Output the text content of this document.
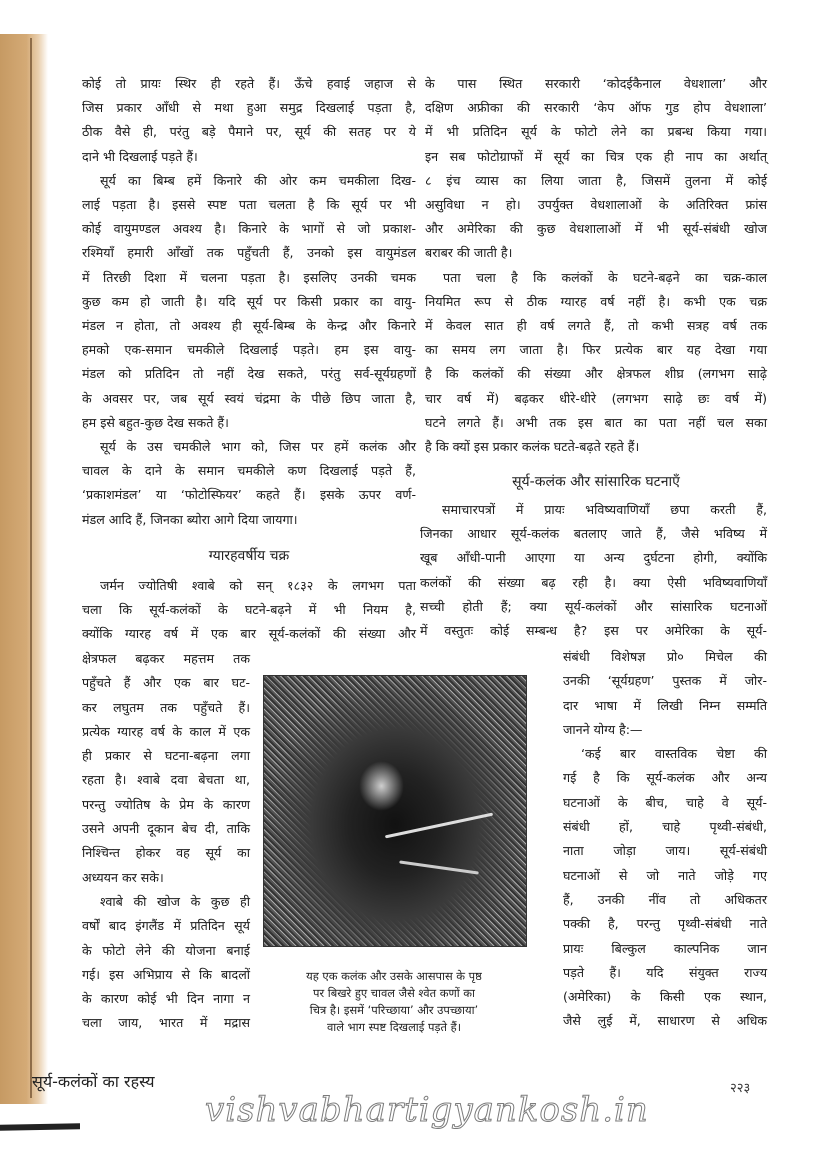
कोई तो प्रायः स्थिर ही रहते हैं। ऊँचे हवाई जहाज से
जिस प्रकार आँधी से मथा हुआ समुद्र दिखलाई पड़ता है,
ठीक वैसे ही, परंतु बड़े पैमाने पर, सूर्य की सतह पर ये
दाने भी दिखलाई पड़ते हैं।
सूर्य का बिम्ब हमें किनारे की ओर कम चमकीला दिख-
लाई पड़ता है। इससे स्पष्ट पता चलता है कि सूर्य पर भी
कोई वायुमण्डल अवश्य है। किनारे के भागों से जो प्रकाश-
रश्मियाँ हमारी आँखों तक पहुँचती हैं, उनको इस वायुमंडल
में तिरछी दिशा में चलना पड़ता है। इसलिए उनकी चमक
कुछ कम हो जाती है। यदि सूर्य पर किसी प्रकार का वायु-
मंडल न होता, तो अवश्य ही सूर्य-बिम्ब के केन्द्र और किनारे
हमको एक-समान चमकीले दिखलाई पड़ते। हम इस वायु-
मंडल को प्रतिदिन तो नहीं देख सकते, परंतु सर्व-सूर्यग्रहणों
के अवसर पर, जब सूर्य स्वयं चंद्रमा के पीछे छिप जाता है,
हम इसे बहुत-कुछ देख सकते हैं।
सूर्य के उस चमकीले भाग को, जिस पर हमें कलंक और
चावल के दाने के समान चमकीले कण दिखलाई पड़ते हैं,
‘प्रकाशमंडल’ या ‘फोटोस्फियर’ कहते हैं। इसके ऊपर वर्ण-
मंडल आदि हैं, जिनका ब्योरा आगे दिया जायगा।
ग्यारहवर्षीय चक्र
जर्मन ज्योतिषी श्वाबे को सन् १८३२ के लगभग पता
चला कि सूर्य-कलंकों के घटने-बढ़ने में भी नियम है,
क्योंकि ग्यारह वर्ष में एक बार सूर्य-कलंकों की संख्या और
क्षेत्रफल बढ़कर महत्तम तक
पहुँचते हैं और एक बार घट-
कर लघुतम तक पहुँचते हैं।
प्रत्येक ग्यारह वर्ष के काल में एक
ही प्रकार से घटना-बढ़ना लगा
रहता है। श्वाबे दवा बेचता था,
परन्तु ज्योतिष के प्रेम के कारण
उसने अपनी दूकान बेच दी, ताकि
निश्चिन्त होकर वह सूर्य का
अध्ययन कर सके।
श्वाबे की खोज के कुछ ही
वर्षों बाद इंगलैंड में प्रतिदिन सूर्य
के फोटो लेने की योजना बनाई
गई। इस अभिप्राय से कि बादलों
के कारण कोई भी दिन नागा न
चला जाय, भारत में मद्रास
यह एक कलंक और उसके आसपास के पृष्ठ
पर बिखरे हुए चावल जैसे श्वेत कणों का
चित्र है। इसमें ‘परिच्छाया’ और उपच्छाया’
वाले भाग स्पष्ट दिखलाई पड़ते हैं।
के पास स्थित सरकारी ‘कोदईकैनाल वेधशाला’ और
दक्षिण अफ्रीका की सरकारी ‘केप ऑफ गुड होप वेधशाला’
में भी प्रतिदिन सूर्य के फोटो लेने का प्रबन्ध किया गया।
इन सब फोटोग्राफों में सूर्य का चित्र एक ही नाप का अर्थात्
८ इंच व्यास का लिया जाता है, जिसमें तुलना में कोई
असुविधा न हो। उपर्युक्त वेधशालाओं के अतिरिक्त फ्रांस
और अमेरिका की कुछ वेधशालाओं में भी सूर्य-संबंधी खोज
बराबर की जाती है।
पता चला है कि कलंकों के घटने-बढ़ने का चक्र-काल
नियमित रूप से ठीक ग्यारह वर्ष नहीं है। कभी एक चक्र
में केवल सात ही वर्ष लगते हैं, तो कभी सत्रह वर्ष तक
का समय लग जाता है। फिर प्रत्येक बार यह देखा गया
है कि कलंकों की संख्या और क्षेत्रफल शीघ्र (लगभग साढ़े
चार वर्ष में) बढ़कर धीरे-धीरे (लगभग साढ़े छः वर्ष में)
घटने लगते हैं। अभी तक इस बात का पता नहीं चल सका
है कि क्यों इस प्रकार कलंक घटते-बढ़ते रहते हैं।
सूर्य-कलंक और सांसारिक घटनाएँ
समाचारपत्रों में प्रायः भविष्यवाणियाँ छपा करती हैं,
जिनका आधार सूर्य-कलंक बतलाए जाते हैं, जैसे भविष्य में
खूब आँधी-पानी आएगा या अन्य दुर्घटना होगी, क्योंकि
कलंकों की संख्या बढ़ रही है। क्या ऐसी भविष्यवाणियाँ
सच्ची होती हैं; क्या सूर्य-कलंकों और सांसारिक घटनाओं
में वस्तुतः कोई सम्बन्ध है? इस पर अमेरिका के सूर्य-
संबंधी विशेषज्ञ प्रो० मिचेल की
उनकी ‘सूर्यग्रहण’ पुस्तक में जोर-
दार भाषा में लिखी निम्न सम्मति
जानने योग्य है:—
‘कई बार वास्तविक चेष्टा की
गई है कि सूर्य-कलंक और अन्य
घटनाओं के बीच, चाहे वे सूर्य-
संबंधी हों, चाहे पृथ्वी-संबंधी,
नाता जोड़ा जाय। सूर्य-संबंधी
घटनाओं से जो नाते जोड़े गए
हैं, उनकी नींव तो अधिकतर
पक्की है, परन्तु पृथ्वी-संबंधी नाते
प्रायः बिल्कुल काल्पनिक जान
पड़ते हैं। यदि संयुक्त राज्य
(अमेरिका) के किसी एक स्थान,
जैसे लुई में, साधारण से अधिक
सूर्य-कलंकों का रहस्य	२२३
vishvabhartigyankosh.in
